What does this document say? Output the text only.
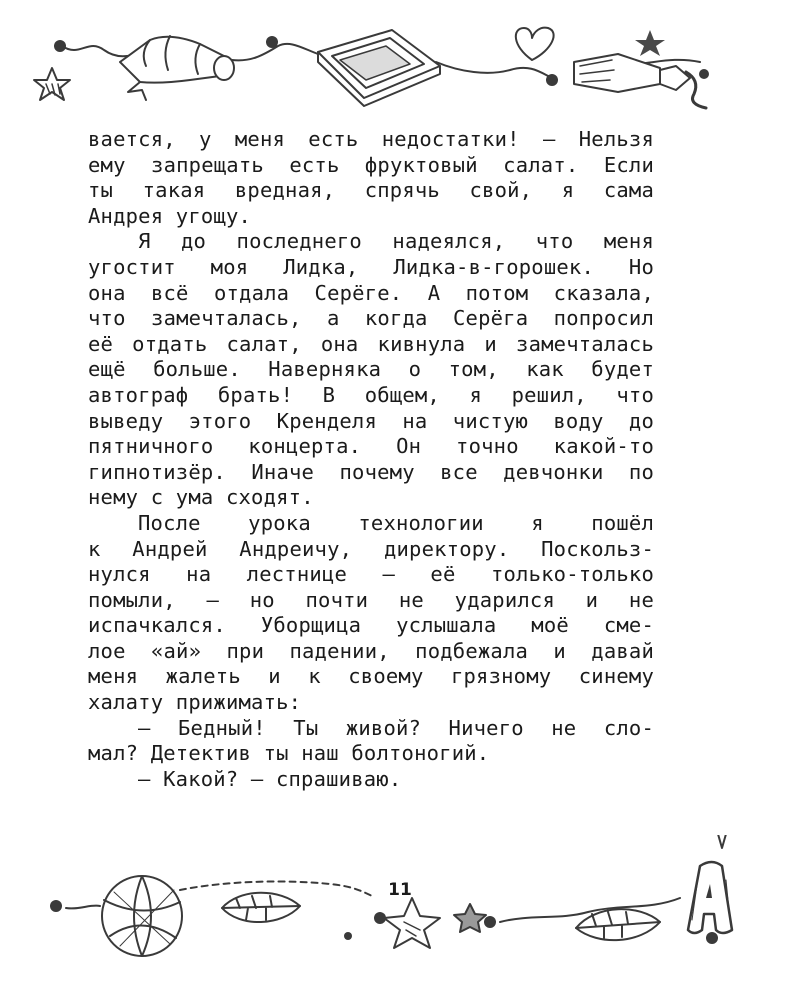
вается, у меня есть недостатки! — Нельзя
ему запрещать есть фруктовый салат. Если
ты такая вредная, спрячь свой, я сама
Андрея угощу.
Я до последнего надеялся, что меня
угостит моя Лидка, Лидка-в-горошек. Но
она всё отдала Серёге. А потом сказала,
что замечталась, а когда Серёга попросил
её отдать салат, она кивнула и замечталась
ещё больше. Наверняка о том, как будет
автограф брать! В общем, я решил, что
выведу этого Кренделя на чистую воду до
пятничного концерта. Он точно какой-то
гипнотизёр. Иначе почему все девчонки по
нему с ума сходят.
После урока технологии я пошёл
к Андрей Андреичу, директору. Поскольз-
нулся на лестнице — её только-только
помыли, — но почти не ударился и не
испачкался. Уборщица услышала моё сме-
лое «ай» при падении, подбежала и давай
меня жалеть и к своему грязному синему
халату прижимать:
— Бедный! Ты живой? Ничего не сло-
мал? Детектив ты наш болтоногий.
— Какой? — спрашиваю.
11
